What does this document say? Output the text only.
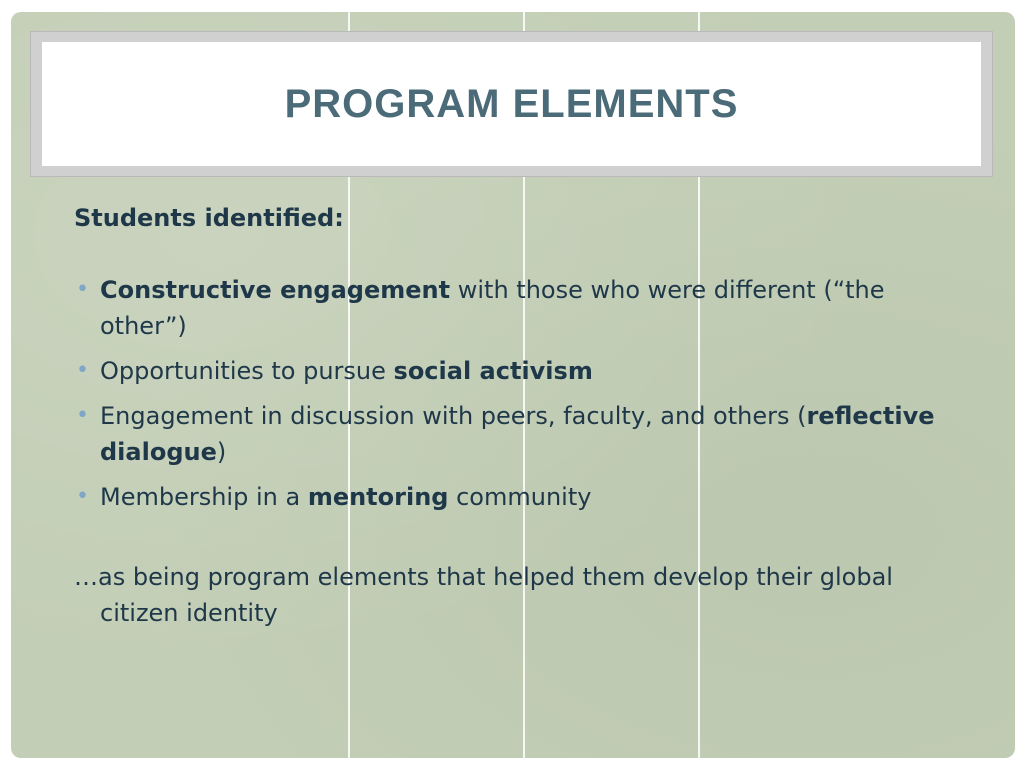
PROGRAM ELEMENTS
Students identified:
• Constructive engagement with those who were different (“the other”)
• Opportunities to pursue social activism
• Engagement in discussion with peers, faculty, and others (reflective dialogue)
• Membership in a mentoring community
…as being program elements that helped them develop their global citizen identity
